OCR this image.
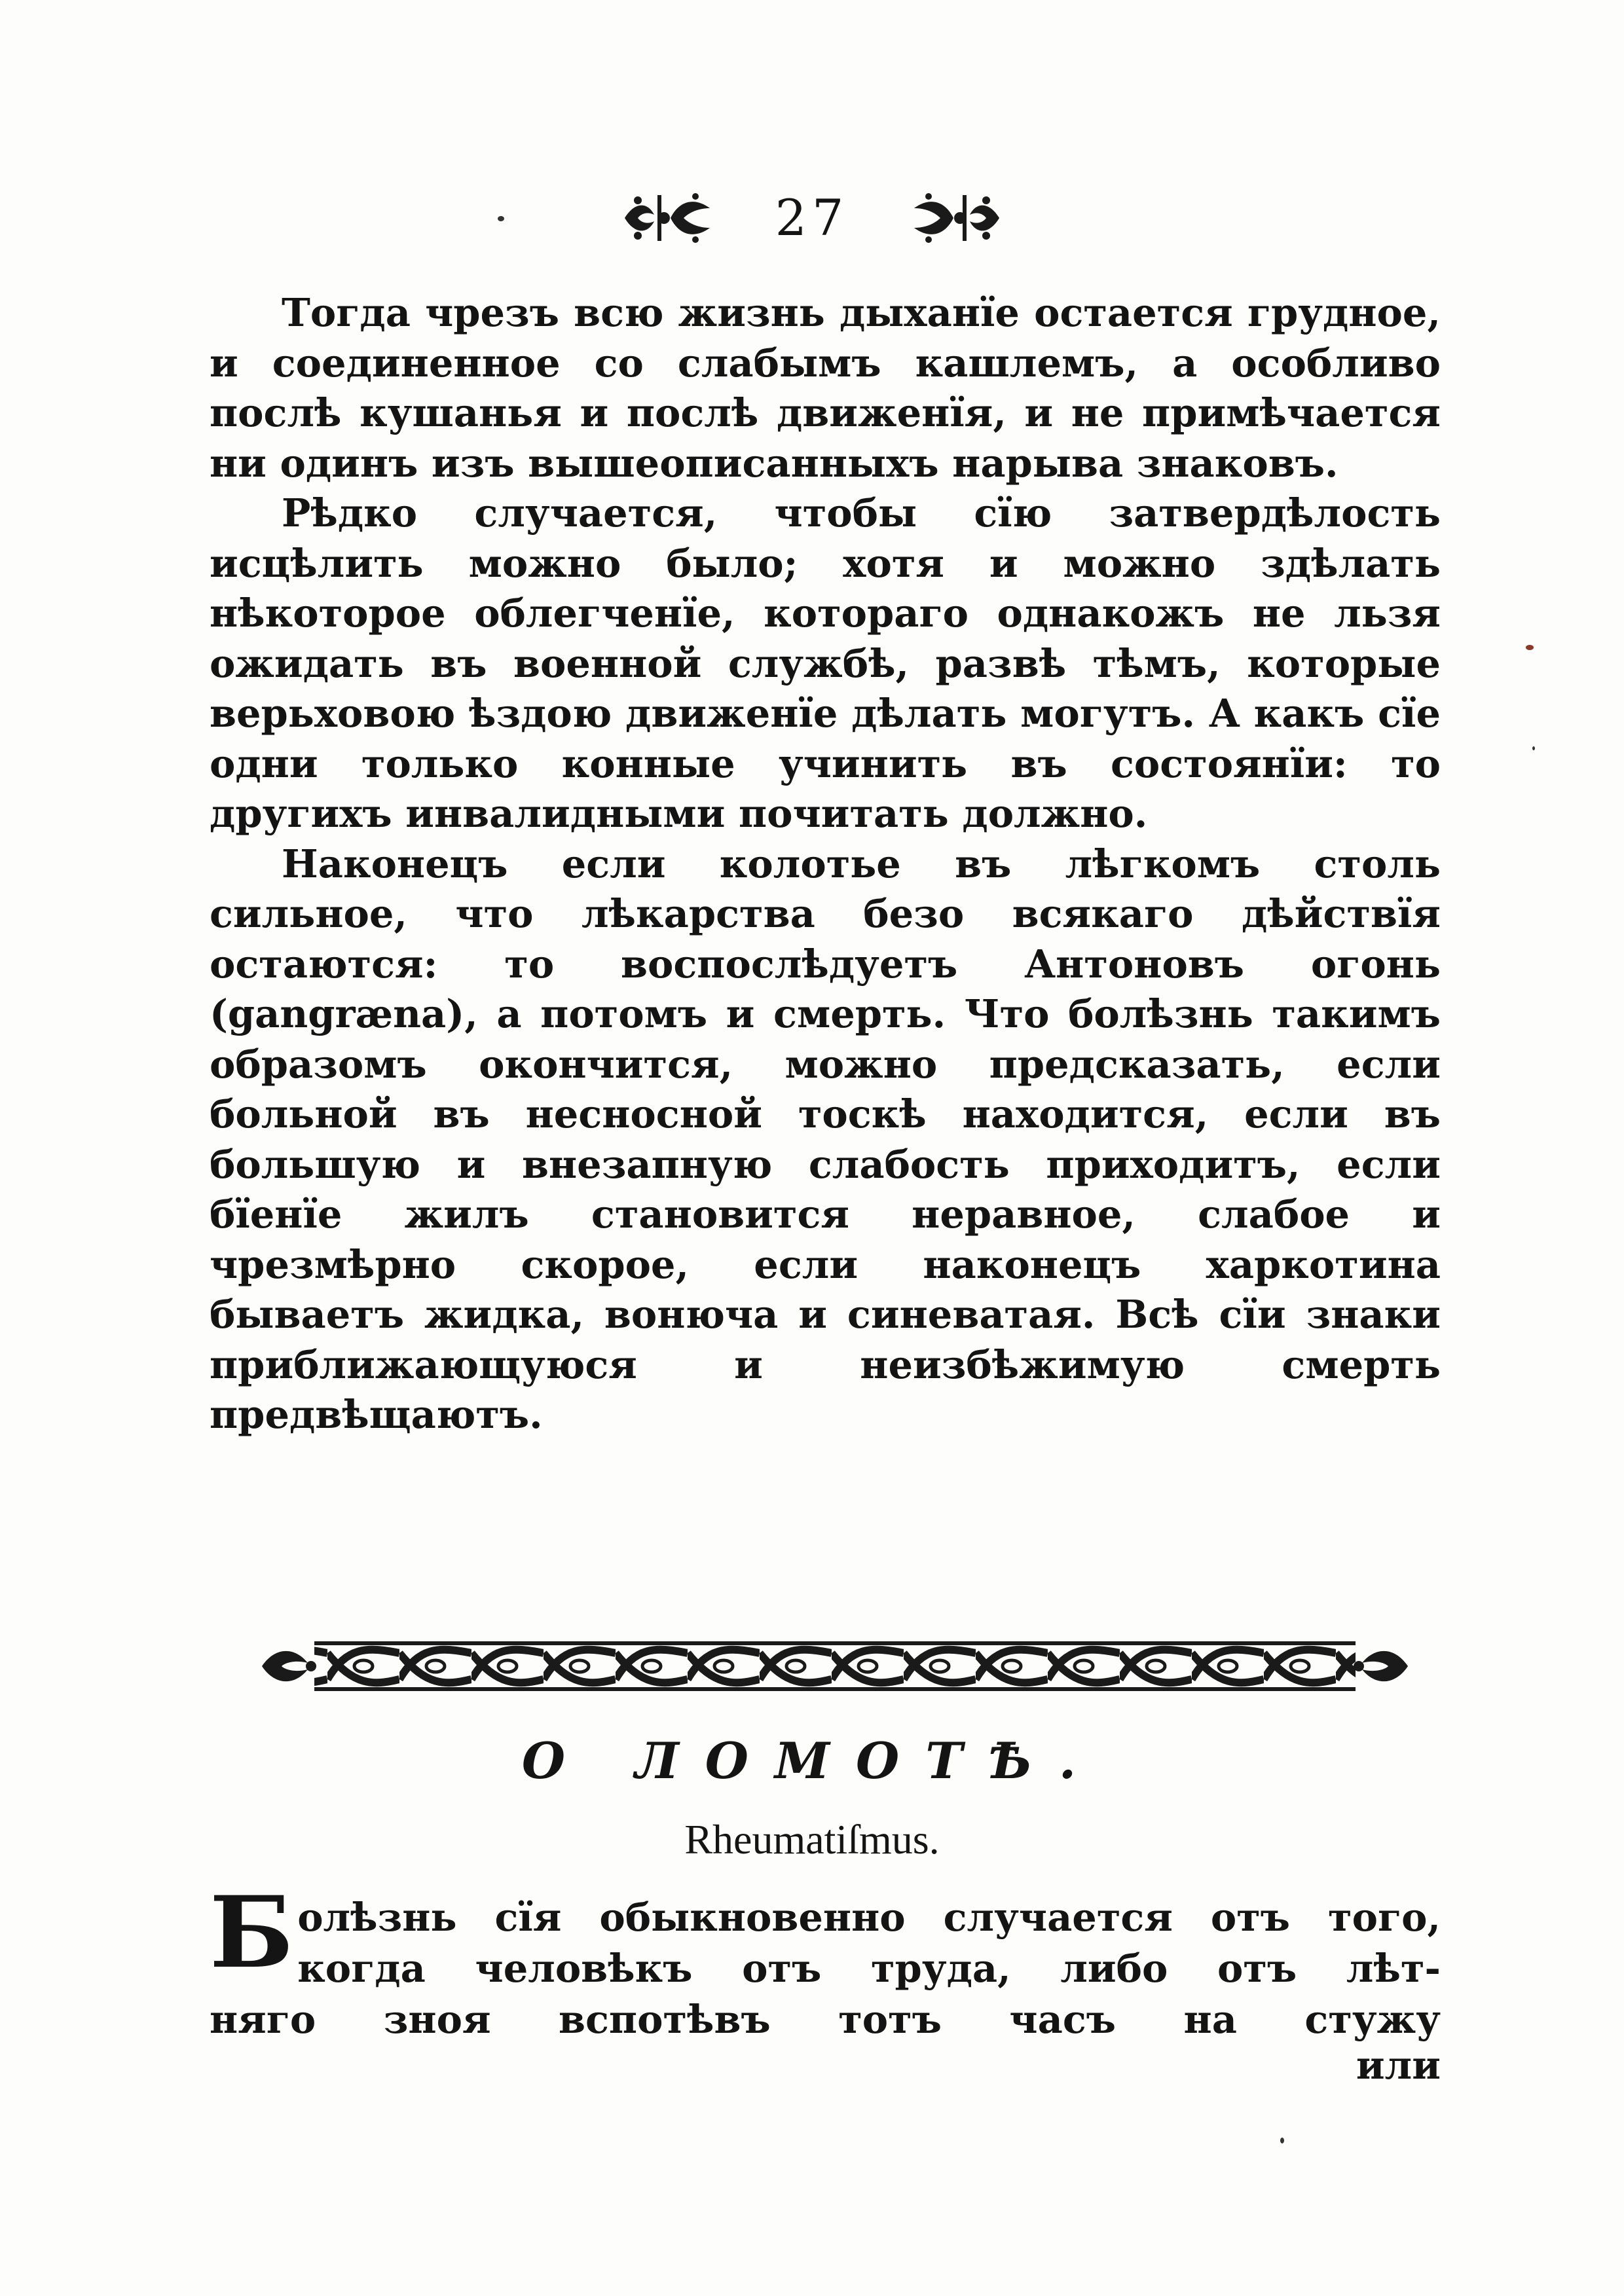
27

Тогда чрезъ всю жизнь дыханїе остается грудное, и соединенное со слабымъ кашлемъ, а особливо послѣ кушанья и послѣ движенїя, и не примѣчается ни одинъ изъ вышеописанныхъ нарыва знаковъ.

Рѣдко случается, чтобы сїю затвердѣлость исцѣлить можно было; хотя и можно здѣлать нѣкоторое облегченїе, котораго однакожъ не льзя ожидать въ военной службѣ, развѣ тѣмъ, которые верьховою ѣздою движенїе дѣлать могутъ. А какъ сїе одни только конные учинить въ состоянїи: то другихъ инвалидными почитать должно.

Наконецъ если колотье въ лѣгкомъ столь сильное, что лѣкарства безо всякаго дѣйствїя остаются: то воспослѣдуетъ Антоновъ огонь (gangræna), а потомъ и смерть. Что болѣзнь такимъ образомъ окончится, можно предсказать, если больной въ несносной тоскѣ находится, если въ большую и внезапную слабость приходитъ, если бїенїе жилъ становится неравное, слабое и чрезмѣрно скорое, если наконецъ харкотина бываетъ жидка, вонюча и синеватая. Всѣ сїи знаки приближающуюся и неизбѣжимую смерть предвѣщаютъ.

О ЛОМОТѢ.
Rheumatiſmus.
Б олѣзнь сїя обыкновенно случается отъ того,
когда человѣкъ отъ труда, либо отъ лѣт-
няго зноя вспотѣвъ тотъ часъ на стужу
или
